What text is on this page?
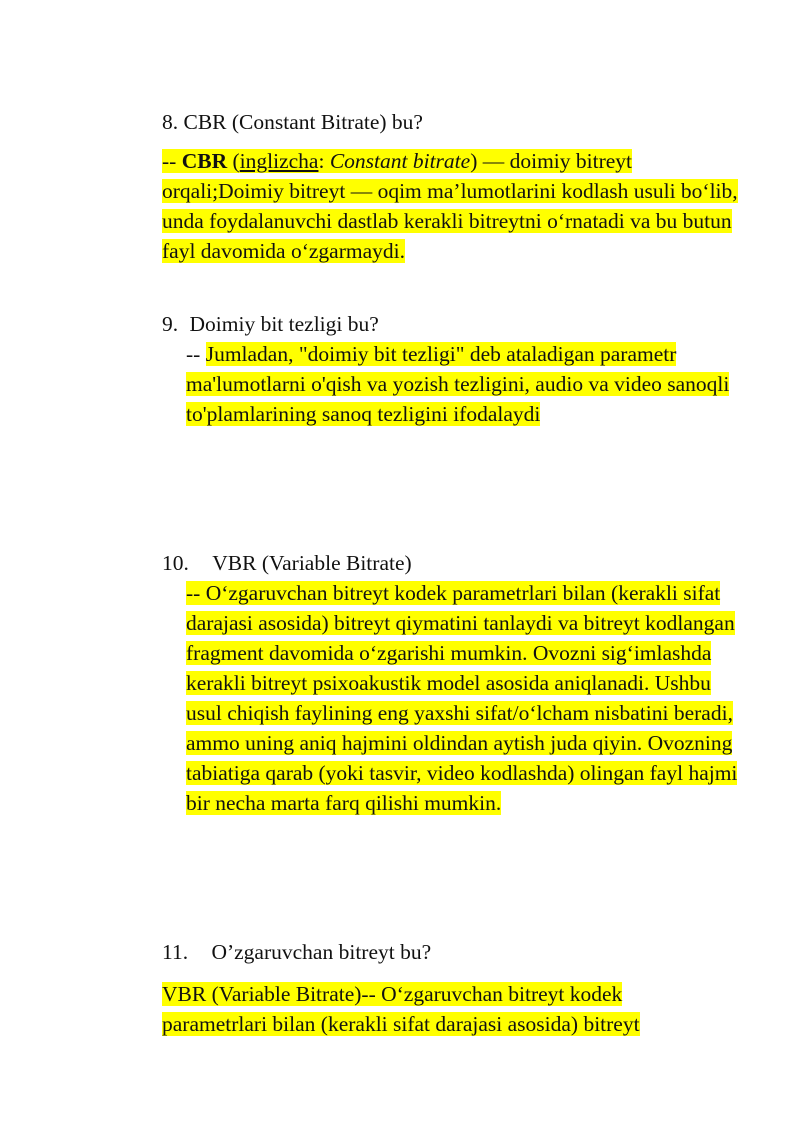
8. CBR (Constant Bitrate) bu?
-- CBR (inglizcha: Constant bitrate) — doimiy bitreyt orqali;Doimiy bitreyt — oqim ma’lumotlarini kodlash usuli bo‘lib, unda foydalanuvchi dastlab kerakli bitreytni o‘rnatadi va bu butun fayl davomida o‘zgarmaydi.
9. Doimiy bit tezligi bu?
-- Jumladan, "doimiy bit tezligi" deb ataladigan parametr ma'lumotlarni o'qish va yozish tezligini, audio va video sanoqli to'plamlarining sanoq tezligini ifodalaydi
10. VBR (Variable Bitrate)
-- O‘zgaruvchan bitreyt kodek parametrlari bilan (kerakli sifat darajasi asosida) bitreyt qiymatini tanlaydi va bitreyt kodlangan fragment davomida o‘zgarishi mumkin. Ovozni sig‘imlashda kerakli bitreyt psixoakustik model asosida aniqlanadi. Ushbu usul chiqish faylining eng yaxshi sifat/o‘lcham nisbatini beradi, ammo uning aniq hajmini oldindan aytish juda qiyin. Ovozning tabiatiga qarab (yoki tasvir, video kodlashda) olingan fayl hajmi bir necha marta farq qilishi mumkin.
11. O’zgaruvchan bitreyt bu?
VBR (Variable Bitrate)-- O‘zgaruvchan bitreyt kodek parametrlari bilan (kerakli sifat darajasi asosida) bitreyt
